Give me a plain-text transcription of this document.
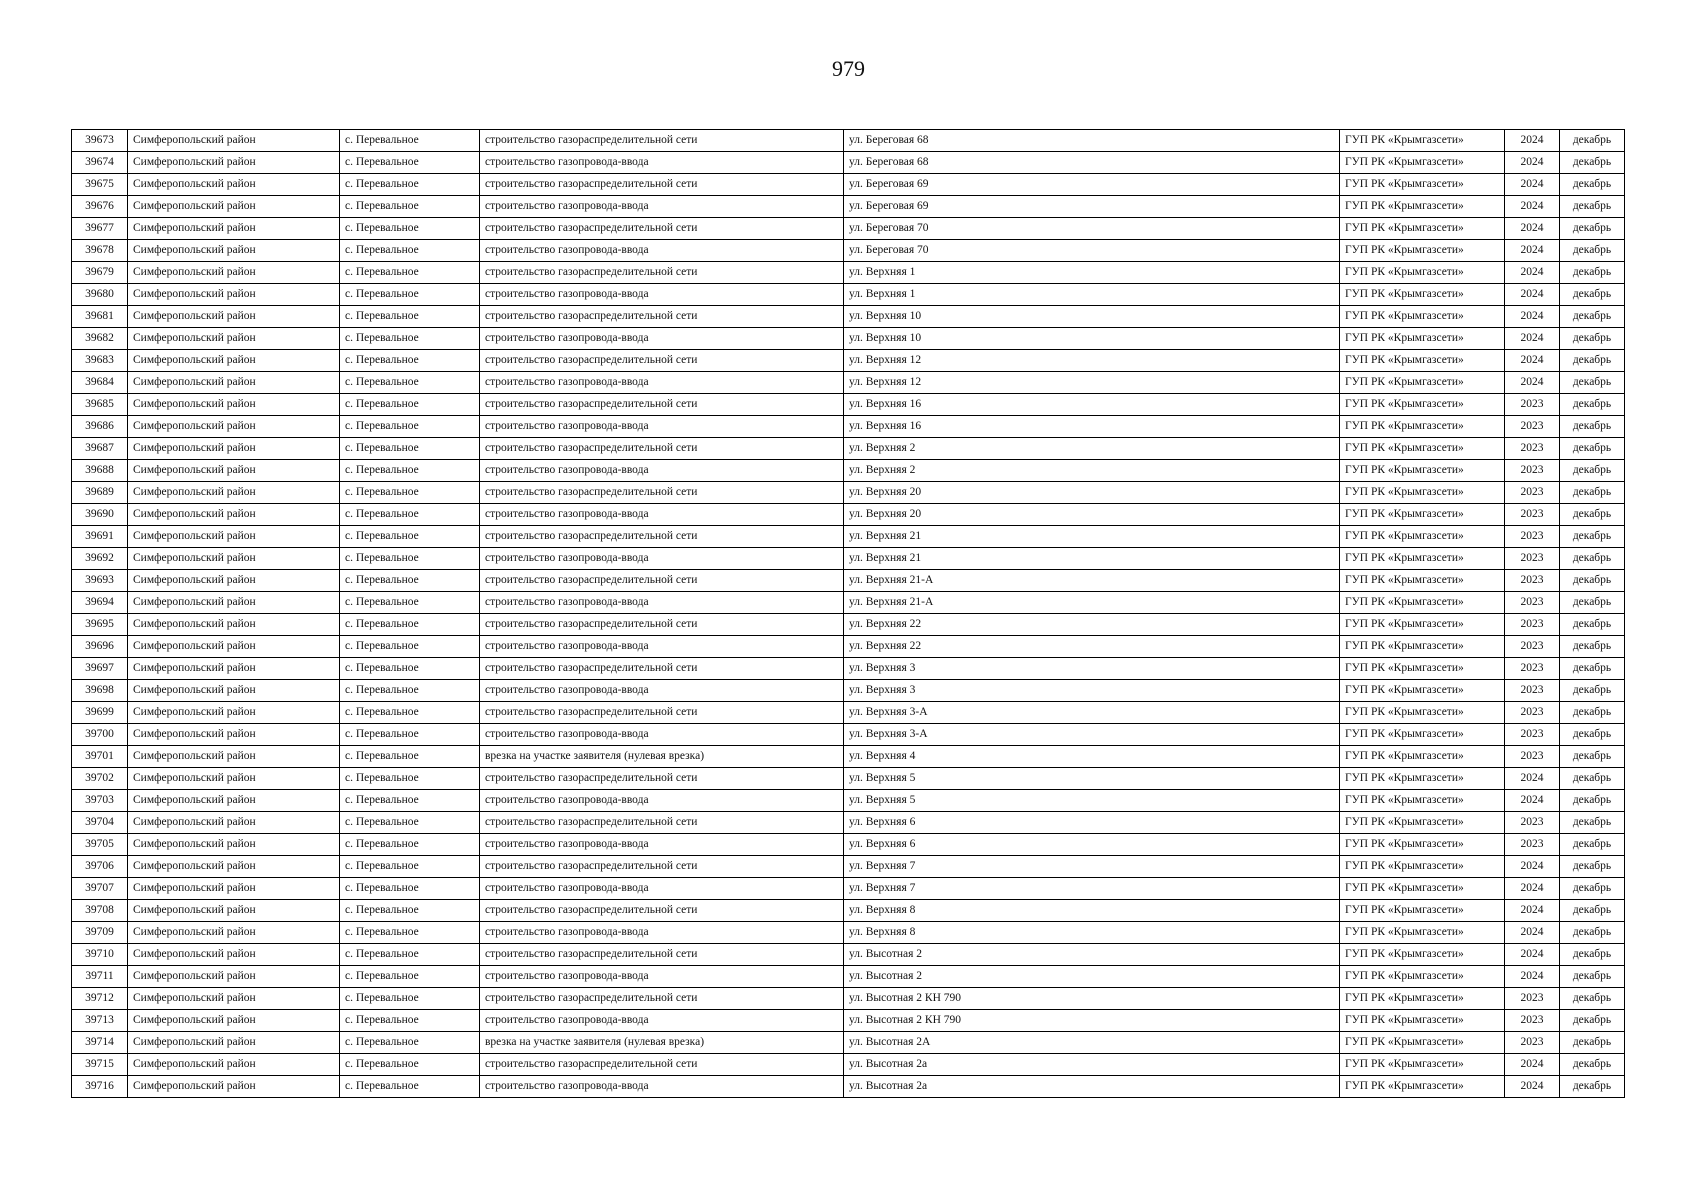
979
39673	Симферопольский район	с. Перевальное	строительство газораспределительной сети	ул. Береговая 68	ГУП РК «Крымгазсети»	2024	декабрь
39674	Симферопольский район	с. Перевальное	строительство газопровода-ввода	ул. Береговая 68	ГУП РК «Крымгазсети»	2024	декабрь
39675	Симферопольский район	с. Перевальное	строительство газораспределительной сети	ул. Береговая 69	ГУП РК «Крымгазсети»	2024	декабрь
39676	Симферопольский район	с. Перевальное	строительство газопровода-ввода	ул. Береговая 69	ГУП РК «Крымгазсети»	2024	декабрь
39677	Симферопольский район	с. Перевальное	строительство газораспределительной сети	ул. Береговая 70	ГУП РК «Крымгазсети»	2024	декабрь
39678	Симферопольский район	с. Перевальное	строительство газопровода-ввода	ул. Береговая 70	ГУП РК «Крымгазсети»	2024	декабрь
39679	Симферопольский район	с. Перевальное	строительство газораспределительной сети	ул. Верхняя 1	ГУП РК «Крымгазсети»	2024	декабрь
39680	Симферопольский район	с. Перевальное	строительство газопровода-ввода	ул. Верхняя 1	ГУП РК «Крымгазсети»	2024	декабрь
39681	Симферопольский район	с. Перевальное	строительство газораспределительной сети	ул. Верхняя 10	ГУП РК «Крымгазсети»	2024	декабрь
39682	Симферопольский район	с. Перевальное	строительство газопровода-ввода	ул. Верхняя 10	ГУП РК «Крымгазсети»	2024	декабрь
39683	Симферопольский район	с. Перевальное	строительство газораспределительной сети	ул. Верхняя 12	ГУП РК «Крымгазсети»	2024	декабрь
39684	Симферопольский район	с. Перевальное	строительство газопровода-ввода	ул. Верхняя 12	ГУП РК «Крымгазсети»	2024	декабрь
39685	Симферопольский район	с. Перевальное	строительство газораспределительной сети	ул. Верхняя 16	ГУП РК «Крымгазсети»	2023	декабрь
39686	Симферопольский район	с. Перевальное	строительство газопровода-ввода	ул. Верхняя 16	ГУП РК «Крымгазсети»	2023	декабрь
39687	Симферопольский район	с. Перевальное	строительство газораспределительной сети	ул. Верхняя 2	ГУП РК «Крымгазсети»	2023	декабрь
39688	Симферопольский район	с. Перевальное	строительство газопровода-ввода	ул. Верхняя 2	ГУП РК «Крымгазсети»	2023	декабрь
39689	Симферопольский район	с. Перевальное	строительство газораспределительной сети	ул. Верхняя 20	ГУП РК «Крымгазсети»	2023	декабрь
39690	Симферопольский район	с. Перевальное	строительство газопровода-ввода	ул. Верхняя 20	ГУП РК «Крымгазсети»	2023	декабрь
39691	Симферопольский район	с. Перевальное	строительство газораспределительной сети	ул. Верхняя 21	ГУП РК «Крымгазсети»	2023	декабрь
39692	Симферопольский район	с. Перевальное	строительство газопровода-ввода	ул. Верхняя 21	ГУП РК «Крымгазсети»	2023	декабрь
39693	Симферопольский район	с. Перевальное	строительство газораспределительной сети	ул. Верхняя 21-А	ГУП РК «Крымгазсети»	2023	декабрь
39694	Симферопольский район	с. Перевальное	строительство газопровода-ввода	ул. Верхняя 21-А	ГУП РК «Крымгазсети»	2023	декабрь
39695	Симферопольский район	с. Перевальное	строительство газораспределительной сети	ул. Верхняя 22	ГУП РК «Крымгазсети»	2023	декабрь
39696	Симферопольский район	с. Перевальное	строительство газопровода-ввода	ул. Верхняя 22	ГУП РК «Крымгазсети»	2023	декабрь
39697	Симферопольский район	с. Перевальное	строительство газораспределительной сети	ул. Верхняя 3	ГУП РК «Крымгазсети»	2023	декабрь
39698	Симферопольский район	с. Перевальное	строительство газопровода-ввода	ул. Верхняя 3	ГУП РК «Крымгазсети»	2023	декабрь
39699	Симферопольский район	с. Перевальное	строительство газораспределительной сети	ул. Верхняя 3-А	ГУП РК «Крымгазсети»	2023	декабрь
39700	Симферопольский район	с. Перевальное	строительство газопровода-ввода	ул. Верхняя 3-А	ГУП РК «Крымгазсети»	2023	декабрь
39701	Симферопольский район	с. Перевальное	врезка на участке заявителя (нулевая врезка)	ул. Верхняя 4	ГУП РК «Крымгазсети»	2023	декабрь
39702	Симферопольский район	с. Перевальное	строительство газораспределительной сети	ул. Верхняя 5	ГУП РК «Крымгазсети»	2024	декабрь
39703	Симферопольский район	с. Перевальное	строительство газопровода-ввода	ул. Верхняя 5	ГУП РК «Крымгазсети»	2024	декабрь
39704	Симферопольский район	с. Перевальное	строительство газораспределительной сети	ул. Верхняя 6	ГУП РК «Крымгазсети»	2023	декабрь
39705	Симферопольский район	с. Перевальное	строительство газопровода-ввода	ул. Верхняя 6	ГУП РК «Крымгазсети»	2023	декабрь
39706	Симферопольский район	с. Перевальное	строительство газораспределительной сети	ул. Верхняя 7	ГУП РК «Крымгазсети»	2024	декабрь
39707	Симферопольский район	с. Перевальное	строительство газопровода-ввода	ул. Верхняя 7	ГУП РК «Крымгазсети»	2024	декабрь
39708	Симферопольский район	с. Перевальное	строительство газораспределительной сети	ул. Верхняя 8	ГУП РК «Крымгазсети»	2024	декабрь
39709	Симферопольский район	с. Перевальное	строительство газопровода-ввода	ул. Верхняя 8	ГУП РК «Крымгазсети»	2024	декабрь
39710	Симферопольский район	с. Перевальное	строительство газораспределительной сети	ул. Высотная 2	ГУП РК «Крымгазсети»	2024	декабрь
39711	Симферопольский район	с. Перевальное	строительство газопровода-ввода	ул. Высотная 2	ГУП РК «Крымгазсети»	2024	декабрь
39712	Симферопольский район	с. Перевальное	строительство газораспределительной сети	ул. Высотная 2 КН 790	ГУП РК «Крымгазсети»	2023	декабрь
39713	Симферопольский район	с. Перевальное	строительство газопровода-ввода	ул. Высотная 2 КН 790	ГУП РК «Крымгазсети»	2023	декабрь
39714	Симферопольский район	с. Перевальное	врезка на участке заявителя (нулевая врезка)	ул. Высотная 2А	ГУП РК «Крымгазсети»	2023	декабрь
39715	Симферопольский район	с. Перевальное	строительство газораспределительной сети	ул. Высотная 2а	ГУП РК «Крымгазсети»	2024	декабрь
39716	Симферопольский район	с. Перевальное	строительство газопровода-ввода	ул. Высотная 2а	ГУП РК «Крымгазсети»	2024	декабрь
